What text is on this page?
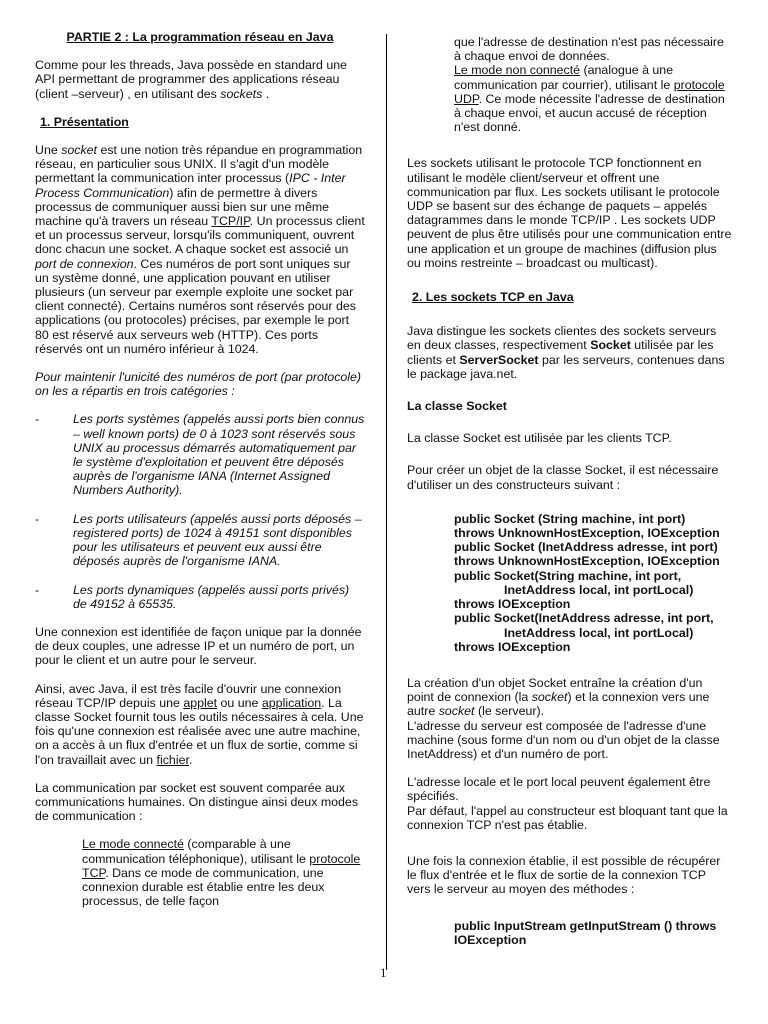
PARTIE 2 : La programmation réseau en Java

Comme pour les threads, Java possède en standard une API permettant de programmer des applications réseau (client –serveur) , en utilisant des sockets .

1. Présentation

Une socket est une notion très répandue en programmation réseau, en particulier sous UNIX. Il s'agit d'un modèle permettant la communication inter processus (IPC - Inter Process Communication) afin de permettre à divers processus de communiquer aussi bien sur une même machine qu'à travers un réseau TCP/IP. Un processus client et un processus serveur, lorsqu'ils communiquent, ouvrent donc chacun une socket. A chaque socket est associé un port de connexion. Ces numéros de port sont uniques sur un système donné, une application pouvant en utiliser plusieurs (un serveur par exemple exploite une socket par client connecté). Certains numéros sont réservés pour des applications (ou protocoles) précises, par exemple le port 80 est réservé aux serveurs web (HTTP). Ces ports réservés ont un numéro inférieur à 1024.

Pour maintenir l'unicité des numéros de port (par protocole) on les a répartis en trois catégories :

-	Les ports systèmes (appelés aussi ports bien connus – well known ports) de 0 à 1023 sont réservés sous UNIX au processus démarrés automatiquement par le système d'exploitation et peuvent être déposés auprès de l'organisme IANA (Internet Assigned Numbers Authority).
-	Les ports utilisateurs (appelés aussi ports déposés – registered ports) de 1024 à 49151 sont disponibles pour les utilisateurs et peuvent eux aussi être déposés auprès de l'organisme IANA.
-	Les ports dynamiques (appelés aussi ports privés) de 49152 à 65535.

Une connexion est identifiée de façon unique par la donnée de deux couples, une adresse IP et un numéro de port, un pour le client et un autre pour le serveur.

Ainsi, avec Java, il est très facile d'ouvrir une connexion réseau TCP/IP depuis une applet ou une application. La classe Socket fournit tous les outils nécessaires à cela. Une fois qu'une connexion est réalisée avec une autre machine, on a accès à un flux d'entrée et un flux de sortie, comme si l'on travaillait avec un fichier.

La communication par socket est souvent comparée aux communications humaines. On distingue ainsi deux modes de communication :

Le mode connecté (comparable à une communication téléphonique), utilisant le protocole TCP. Dans ce mode de communication, une connexion durable est établie entre les deux processus, de telle façon

que l'adresse de destination n'est pas nécessaire à chaque envoi de données.

Le mode non connecté (analogue à une communication par courrier), utilisant le protocole UDP. Ce mode nécessite l'adresse de destination à chaque envoi, et aucun accusé de réception n'est donné.

Les sockets utilisant le protocole TCP fonctionnent en utilisant le modèle client/serveur et offrent une communication par flux. Les sockets utilisant le protocole UDP se basent sur des échange de paquets – appelés datagrammes dans le monde TCP/IP . Les sockets UDP peuvent de plus être utilisés pour une communication entre une application et un groupe de machines (diffusion plus ou moins restreinte – broadcast ou multicast).

2. Les sockets TCP en Java

Java distingue les sockets clientes des sockets serveurs en deux classes, respectivement Socket utilisée par les clients et ServerSocket par les serveurs, contenues dans le package java.net.

La classe Socket

La classe Socket est utilisée par les clients TCP.

Pour créer un objet de la classe Socket, il est nécessaire d'utiliser un des constructeurs suivant :

public Socket (String machine, int port)
throws UnknownHostException, IOException
public Socket (InetAddress adresse, int port)
throws UnknownHostException, IOException
public Socket(String machine, int port,
InetAddress local, int portLocal)
throws IOException
public Socket(InetAddress adresse, int port,
InetAddress local, int portLocal)
throws IOException

La création d'un objet Socket entraîne la création d'un point de connexion (la socket) et la connexion vers une autre socket (le serveur).
L'adresse du serveur est composée de l'adresse d'une machine (sous forme d'un nom ou d'un objet de la classe InetAddress) et d'un numéro de port.

L'adresse locale et le port local peuvent également être spécifiés.

Par défaut, l'appel au constructeur est bloquant tant que la connexion TCP n'est pas établie.

Une fois la connexion établie, il est possible de récupérer le flux d'entrée et le flux de sortie de la connexion TCP vers le serveur au moyen des méthodes :

public InputStream getInputStream () throws IOException

1
